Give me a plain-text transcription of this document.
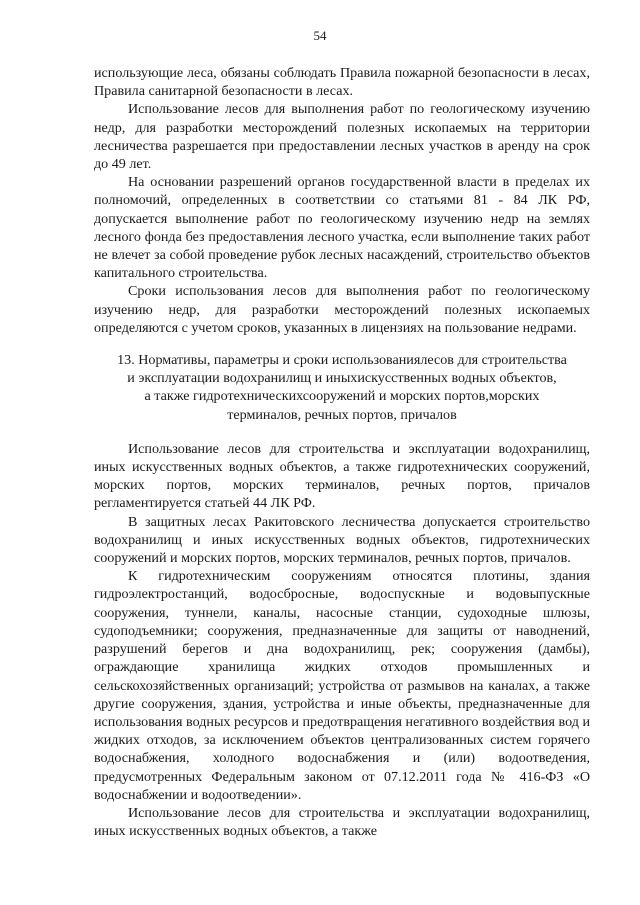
54

использующие леса, обязаны соблюдать Правила пожарной безопасности в лесах, Правила санитарной безопасности в лесах.

Использование лесов для выполнения работ по геологическому изучению недр, для разработки месторождений полезных ископаемых на территории лесничества разрешается при предоставлении лесных участков в аренду на срок до 49 лет.

На основании разрешений органов государственной власти в пределах их полномочий, определенных в соответствии со статьями 81 - 84 ЛК РФ, допускается выполнение работ по геологическому изучению недр на землях лесного фонда без предоставления лесного участка, если выполнение таких работ не влечет за собой проведение рубок лесных насаждений, строительство объектов капитального строительства.

Сроки использования лесов для выполнения работ по геологическому изучению недр, для разработки месторождений полезных ископаемых определяются с учетом сроков, указанных в лицензиях на пользование недрами.

13. Нормативы, параметры и сроки использованиялесов для строительства
и эксплуатации водохранилищ и иныхискусственных водных объектов,
а также гидротехническихсооружений и морских портов,морских
терминалов, речных портов, причалов

Использование лесов для строительства и эксплуатации водохранилищ, иных искусственных водных объектов, а также гидротехнических сооружений, морских портов, морских терминалов, речных портов, причалов регламентируется статьей 44 ЛК РФ.

В защитных лесах Ракитовского лесничества допускается строительство водохранилищ и иных искусственных водных объектов, гидротехнических сооружений и морских портов, морских терминалов, речных портов, причалов.

К гидротехническим сооружениям относятся плотины, здания гидроэлектростанций, водосбросные, водоспускные и водовыпускные сооружения, туннели, каналы, насосные станции, судоходные шлюзы, судоподъемники; сооружения, предназначенные для защиты от наводнений, разрушений берегов и дна водохранилищ, рек; сооружения (дамбы), ограждающие хранилища жидких отходов промышленных и сельскохозяйственных организаций; устройства от размывов на каналах, а также другие сооружения, здания, устройства и иные объекты, предназначенные для использования водных ресурсов и предотвращения негативного воздействия вод и жидких отходов, за исключением объектов централизованных систем горячего водоснабжения, холодного водоснабжения и (или) водоотведения, предусмотренных Федеральным законом от 07.12.2011 года № 416-ФЗ «О водоснабжении и водоотведении».

Использование лесов для строительства и эксплуатации водохранилищ, иных искусственных водных объектов, а также
